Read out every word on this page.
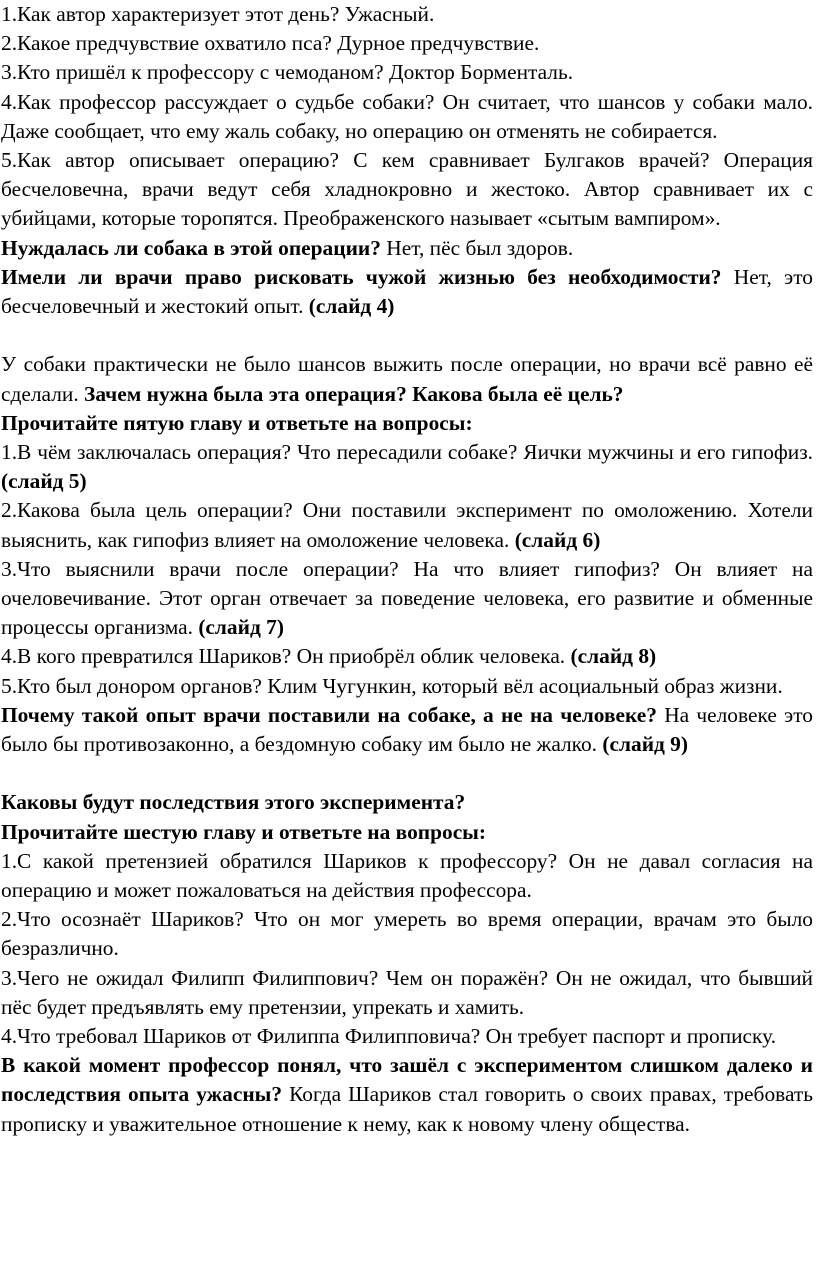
1.Как автор характеризует этот день? Ужасный.

2.Какое предчувствие охватило пса? Дурное предчувствие.

3.Кто пришёл к профессору с чемоданом? Доктор Борменталь.

4.Как профессор рассуждает о судьбе собаки? Он считает, что шансов у собаки мало. Даже сообщает, что ему жаль собаку, но операцию он отменять не собирается.

5.Как автор описывает операцию? С кем сравнивает Булгаков врачей? Операция бесчеловечна, врачи ведут себя хладнокровно и жестоко. Автор сравнивает их с убийцами, которые торопятся. Преображенского называет «сытым вампиром».

Нуждалась ли собака в этой операции? Нет, пёс был здоров.

Имели ли врачи право рисковать чужой жизнью без необходимости? Нет, это бесчеловечный и жестокий опыт. (слайд 4)

У собаки практически не было шансов выжить после операции, но врачи всё равно её сделали. Зачем нужна была эта операция? Какова была её цель?

Прочитайте пятую главу и ответьте на вопросы:

1.В чём заключалась операция? Что пересадили собаке? Яички мужчины и его гипофиз. (слайд 5)

2.Какова была цель операции? Они поставили эксперимент по омоложению. Хотели выяснить, как гипофиз влияет на омоложение человека. (слайд 6)

3.Что выяснили врачи после операции? На что влияет гипофиз? Он влияет на очеловечивание. Этот орган отвечает за поведение человека, его развитие и обменные процессы организма. (слайд 7)

4.В кого превратился Шариков? Он приобрёл облик человека. (слайд 8)

5.Кто был донором органов? Клим Чугункин, который вёл асоциальный образ жизни.

Почему такой опыт врачи поставили на собаке, а не на человеке? На человеке это было бы противозаконно, а бездомную собаку им было не жалко. (слайд 9)

Каковы будут последствия этого эксперимента?

Прочитайте шестую главу и ответьте на вопросы:

1.С какой претензией обратился Шариков к профессору? Он не давал согласия на операцию и может пожаловаться на действия профессора.

2.Что осознаёт Шариков? Что он мог умереть во время операции, врачам это было безразлично.

3.Чего не ожидал Филипп Филиппович? Чем он поражён? Он не ожидал, что бывший пёс будет предъявлять ему претензии, упрекать и хамить.

4.Что требовал Шариков от Филиппа Филипповича? Он требует паспорт и прописку.

В какой момент профессор понял, что зашёл с экспериментом слишком далеко и последствия опыта ужасны? Когда Шариков стал говорить о своих правах, требовать прописку и уважительное отношение к нему, как к новому члену общества.
